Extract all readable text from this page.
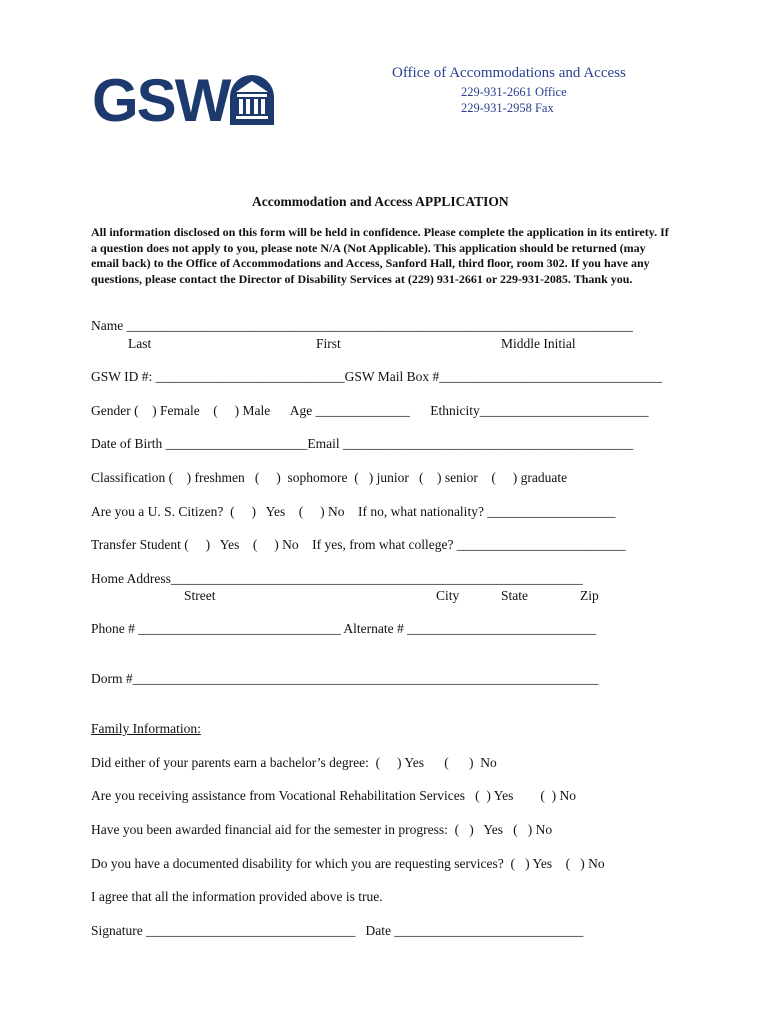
GSW	Office of Accommodations and Access
229-931-2661 Office
229-931-2958 Fax
Accommodation and Access APPLICATION
All information disclosed on this form will be held in confidence. Please complete the application in its entirety. If a question does not apply to you, please note N/A (Not Applicable). This application should be returned (may email back) to the Office of Accommodations and Access, Sanford Hall, third floor, room 302. If you have any questions, please contact the Director of Disability Services at (229) 931-2661 or 229-931-2085. Thank you.
Name ___________________________________________________________________________
Last	First	Middle Initial
GSW ID #: ____________________________GSW Mail Box #_________________________________
Gender (    ) Female    (     ) Male      Age ______________      Ethnicity_________________________
Date of Birth _____________________Email ___________________________________________
Classification (    ) freshmen   (     )  sophomore  (   ) junior   (    ) senior    (     ) graduate
Are you a U. S. Citizen?  (     )   Yes    (     ) No    If no, what nationality? ___________________
Transfer Student (     )   Yes    (     ) No    If yes, from what college? _________________________
Home Address_____________________________________________________________
Street	City	State	Zip
Phone # ______________________________ Alternate # ____________________________
Dorm #_____________________________________________________________________
Family Information:
Did either of your parents earn a bachelor’s degree:  (     ) Yes      (      )  No
Are you receiving assistance from Vocational Rehabilitation Services   (  ) Yes        (  ) No
Have you been awarded financial aid for the semester in progress:  (   )   Yes   (   ) No
Do you have a documented disability for which you are requesting services?  (   ) Yes    (   ) No
I agree that all the information provided above is true.
Signature _______________________________   Date ____________________________
